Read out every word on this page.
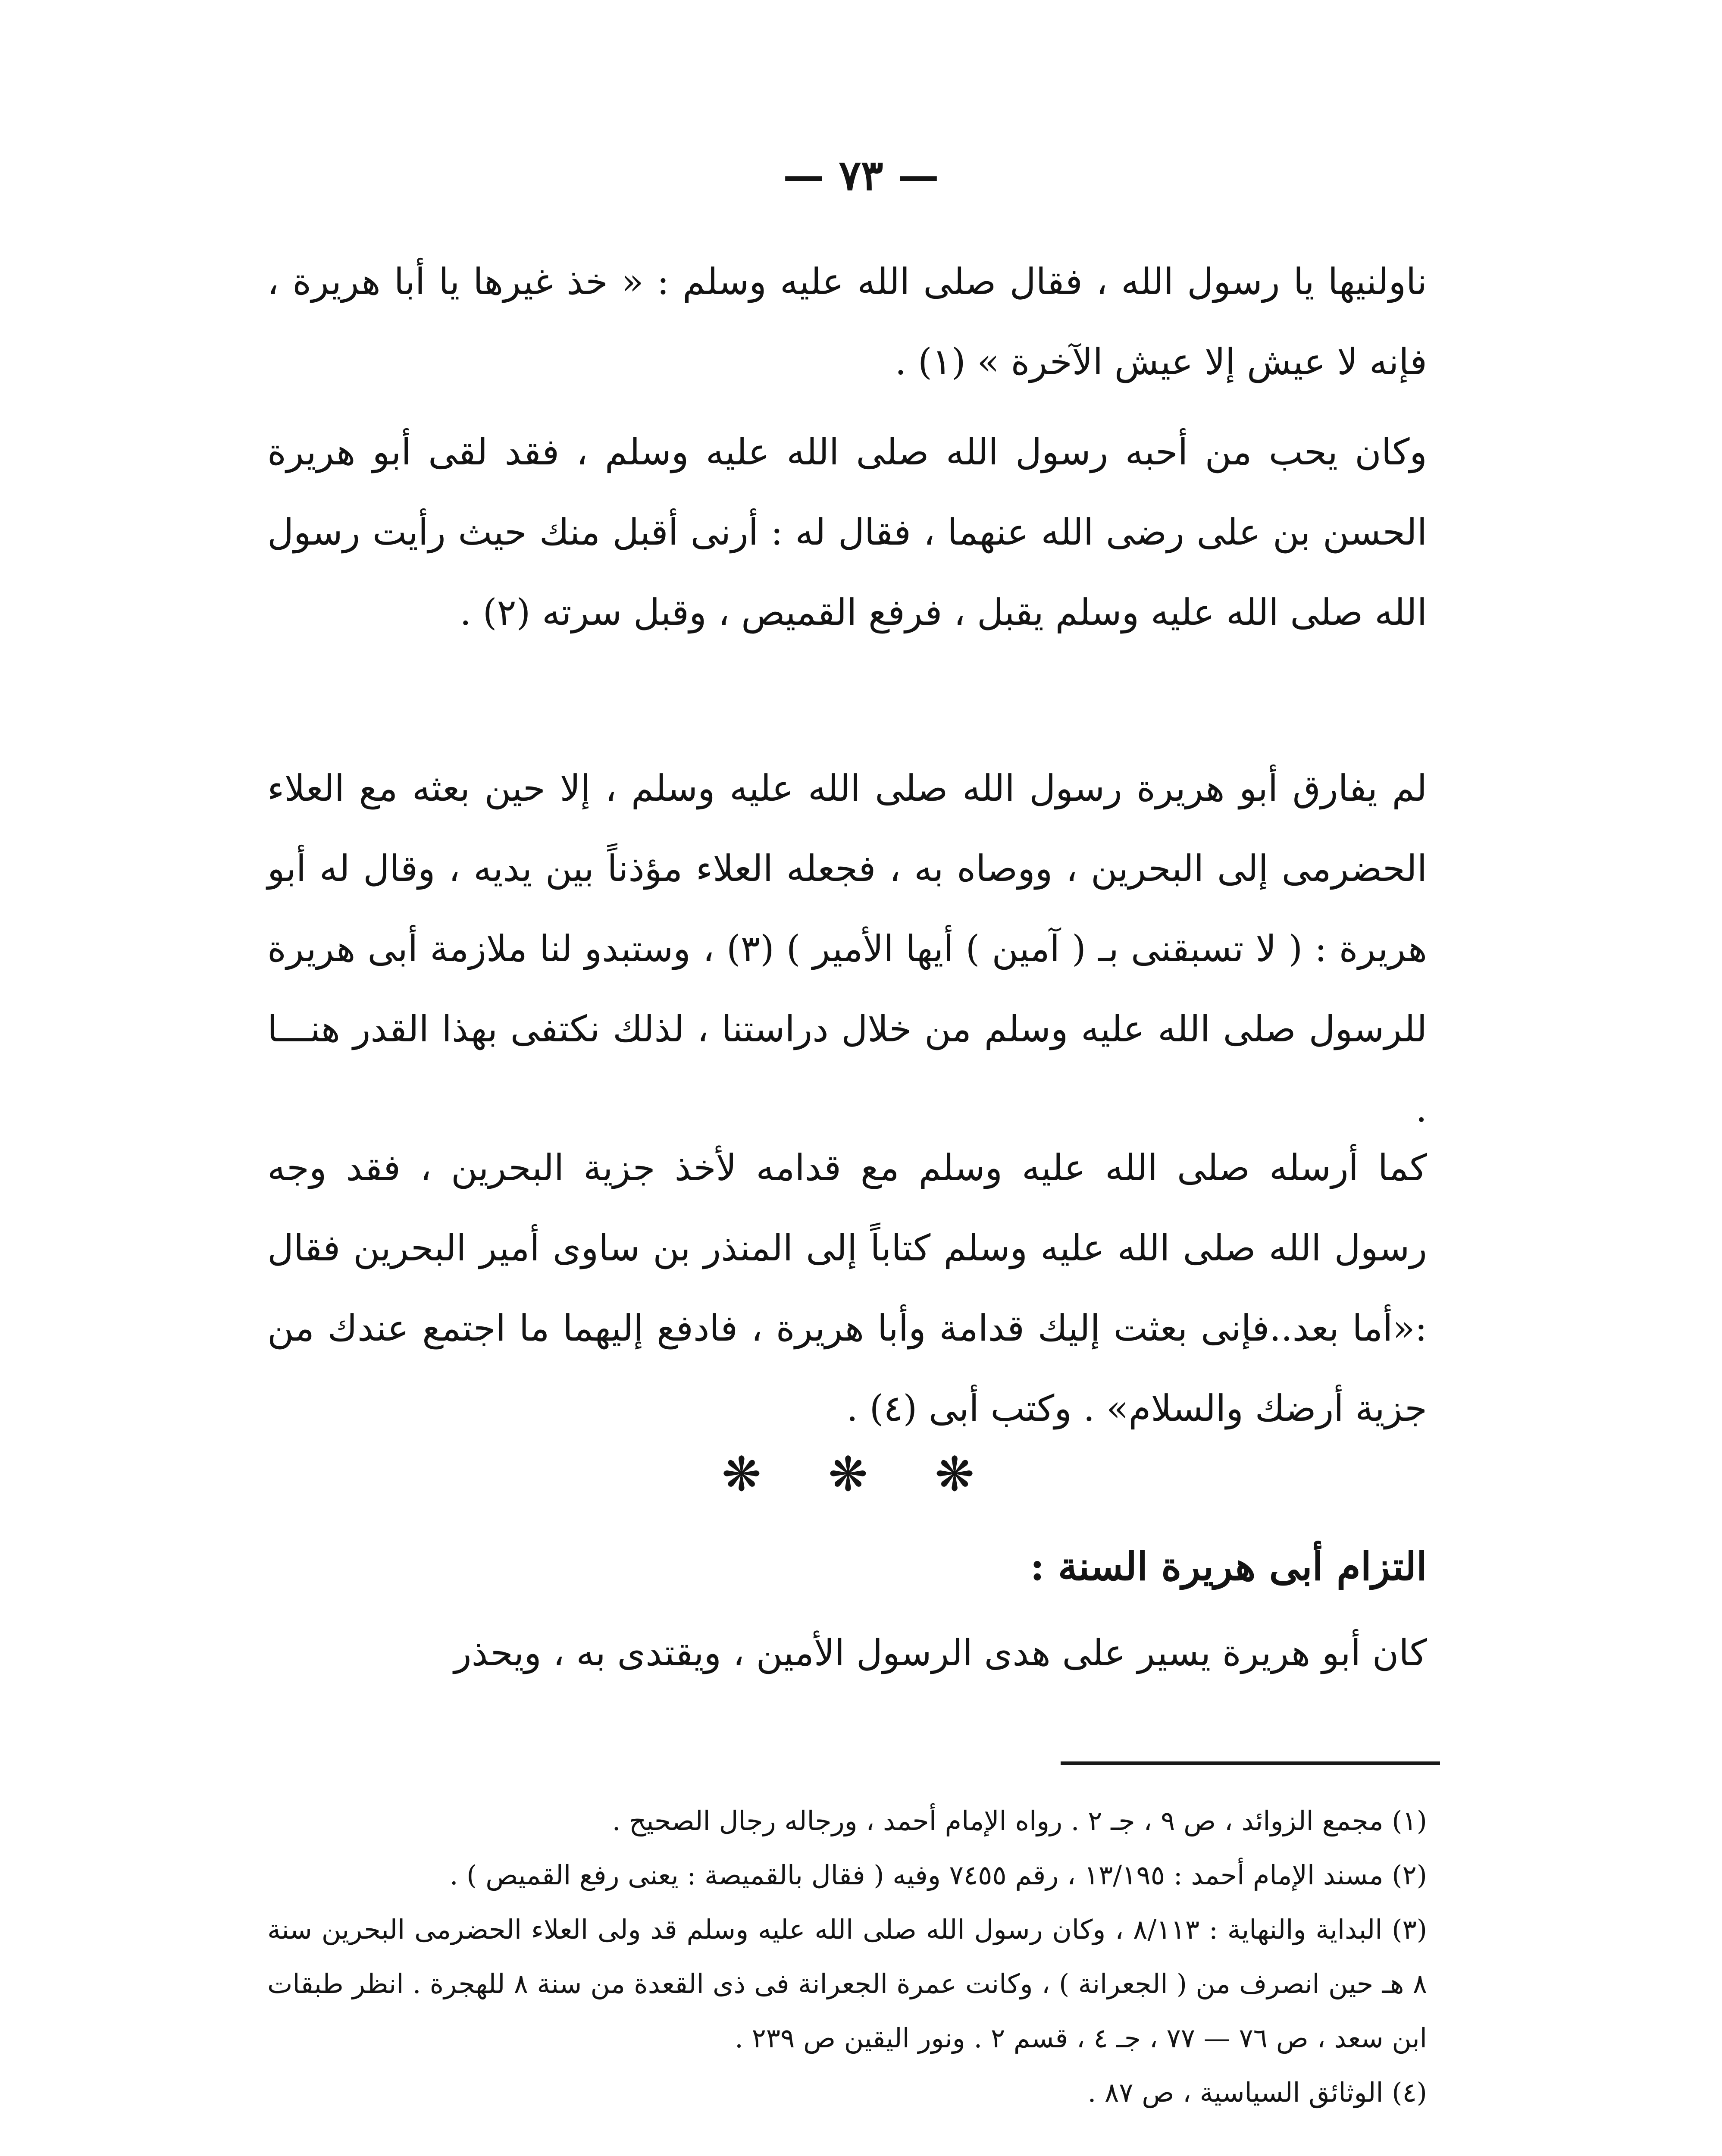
— ٧٣ —

ناولنيها يا رسول الله ، فقال صلى الله عليه وسلم : « خذ غيرها يا أبا هريرة ، فإنه لا عيش إلا عيش الآخرة » (١) .

وكان يحب من أحبه رسول الله صلى الله عليه وسلم ، فقد لقى أبو هريرة الحسن بن على رضى الله عنهما ، فقال له : أرنى أقبل منك حيث رأيت رسول الله صلى الله عليه وسلم يقبل ، فرفع القميص ، وقبل سرته (٢) .

لم يفارق أبو هريرة رسول الله صلى الله عليه وسلم ، إلا حين بعثه مع العلاء الحضرمى إلى البحرين ، ووصاه به ، فجعله العلاء مؤذناً بين يديه ، وقال له أبو هريرة : ( لا تسبقنى بـ ( آمين ) أيها الأمير ) (٣) ، وستبدو لنا ملازمة أبى هريرة للرسول صلى الله عليه وسلم من خلال دراستنا ، لذلك نكتفى بهذا القدر هنـــا .

كما أرسله صلى الله عليه وسلم مع قدامه لأخذ جزية البحرين ، فقد وجه رسول الله صلى الله عليه وسلم كتاباً إلى المنذر بن ساوى أمير البحرين فقال :«أما بعد..فإنى بعثت إليك قدامة وأبا هريرة ، فادفع إليهما ما اجتمع عندك من جزية أرضك والسلام» . وكتب أبى (٤) .

❋ ❋ ❋
التزام أبى هريرة السنة :

كان أبو هريرة يسير على هدى الرسول الأمين ، ويقتدى به ، ويحذر

(١) مجمع الزوائد ، ص ٩ ، جـ ٢ . رواه الإمام أحمد ، ورجاله رجال الصحيح .

(٢) مسند الإمام أحمد : ١٣/١٩٥ ، رقم ٧٤٥٥ وفيه ( فقال بالقميصة : يعنى رفع القميص ) .

(٣) البداية والنهاية : ٨/١١٣ ، وكان رسول الله صلى الله عليه وسلم قد ولى العلاء الحضرمى البحرين سنة ٨ هـ حين انصرف من ( الجعرانة ) ، وكانت عمرة الجعرانة فى ذى القعدة من سنة ٨ للهجرة . انظر طبقات ابن سعد ، ص ٧٦ — ٧٧ ، جـ ٤ ، قسم ٢ . ونور اليقين ص ٢٣٩ .

(٤) الوثائق السياسية ، ص ٨٧ .
